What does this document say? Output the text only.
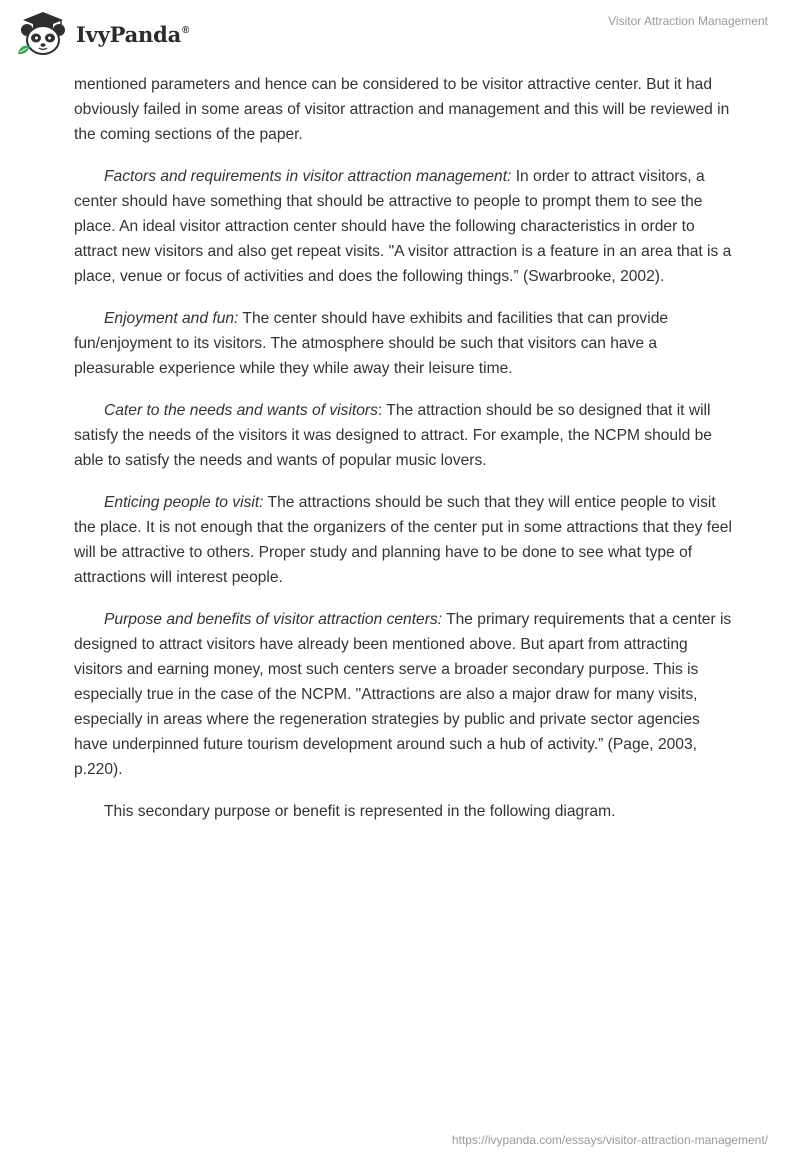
IvyPanda®
Visitor Attraction Management

mentioned parameters and hence can be considered to be visitor attractive center. But it had obviously failed in some areas of visitor attraction and management and this will be reviewed in the coming sections of the paper.

Factors and requirements in visitor attraction management: In order to attract visitors, a center should have something that should be attractive to people to prompt them to see the place. An ideal visitor attraction center should have the following characteristics in order to attract new visitors and also get repeat visits. "A visitor attraction is a feature in an area that is a place, venue or focus of activities and does the following things.” (Swarbrooke, 2002).

Enjoyment and fun: The center should have exhibits and facilities that can provide fun/enjoyment to its visitors. The atmosphere should be such that visitors can have a pleasurable experience while they while away their leisure time.

Cater to the needs and wants of visitors: The attraction should be so designed that it will satisfy the needs of the visitors it was designed to attract. For example, the NCPM should be able to satisfy the needs and wants of popular music lovers.

Enticing people to visit: The attractions should be such that they will entice people to visit the place. It is not enough that the organizers of the center put in some attractions that they feel will be attractive to others. Proper study and planning have to be done to see what type of attractions will interest people.

Purpose and benefits of visitor attraction centers: The primary requirements that a center is designed to attract visitors have already been mentioned above. But apart from attracting visitors and earning money, most such centers serve a broader secondary purpose. This is especially true in the case of the NCPM. "Attractions are also a major draw for many visits, especially in areas where the regeneration strategies by public and private sector agencies have underpinned future tourism development around such a hub of activity.” (Page, 2003, p.220).

This secondary purpose or benefit is represented in the following diagram.

https://ivypanda.com/essays/visitor-attraction-management/
